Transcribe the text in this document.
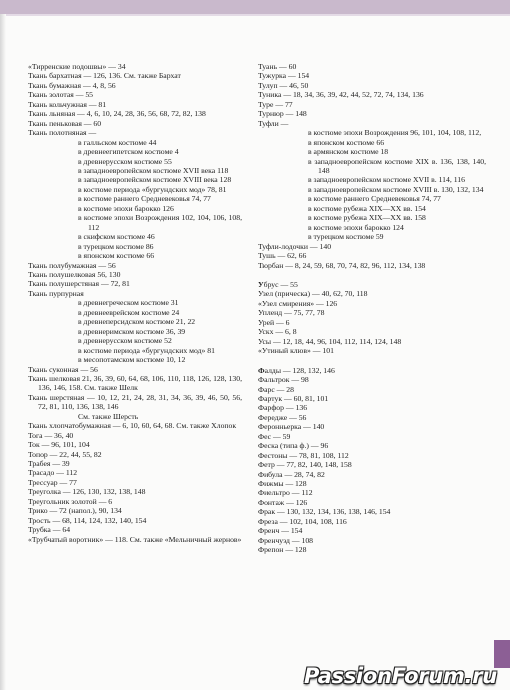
«Тирренские подошвы» — 34
Ткань бархатная — 126, 136. См. также Бархат
Ткань бумажная — 4, 8, 56
Ткань золотая — 55
Ткань кольчужная — 81
Ткань льняная — 4, 6, 10, 24, 28, 36, 56, 68, 72, 82, 138
Ткань пеньковая — 60
Ткань полотняная —
в галльском костюме 44
в древнеегипетском костюме 4
в древнерусском костюме 55
в западноевропейском костюме XVII века 118
в западноевропейском костюме XVIII века 128
в костюме периода «бургундских мод» 78, 81
в костюме раннего Средневековья 74, 77
в костюме эпохи барокко 126
в костюме эпохи Возрождения 102, 104, 106, 108, 112
в скифском костюме 46
в турецком костюме 86
в японском костюме 66
Ткань полубумажная — 56
Ткань полушелковая 56, 130
Ткань полушерстяная — 72, 81
Ткань пурпурная
в древнегреческом костюме 31
в древнееврейском костюме 24
в древнеперсидском костюме 21, 22
в древнеримском костюме 36, 39
в древнерусском костюме 52
в костюме периода «бургундских мод» 81
в месопотамском костюме 10, 12
Ткань суконная — 56
Ткань шелковая 21, 36, 39, 60, 64, 68, 106, 110, 118, 126, 128, 130, 136, 146, 158. См. также Шелк
Ткань шерстяная — 10, 12, 21, 24, 28, 31, 34, 36, 39, 46, 50, 56, 72, 81, 110, 136, 138, 146
См. также Шерсть
Ткань хлопчатобумажная — 6, 10, 60, 64, 68. См. также Хлопок
Тога — 36, 40
Ток — 96, 101, 104
Топор — 22, 44, 55, 82
Трабея — 39
Трасадо — 112
Трессуар — 77
Треуголка — 126, 130, 132, 138, 148
Треугольник золотой — 6
Трико — 72 (напол.), 90, 134
Трость — 68, 114, 124, 132, 140, 154
Трубка — 64
«Трубчатый воротник» — 118. См. также «Мельничный жернов»
Туань — 60
Тужурка — 154
Тулуп — 46, 50
Туника — 18, 34, 36, 39, 42, 44, 52, 72, 74, 134, 136
Туре — 77
Турнюр — 148
Туфли —
в костюме эпохи Возрождения 96, 101, 104, 108, 112,
в японском костюме 66
в армянском костюме 18
в западноевропейском костюме XIX в. 136, 138, 140, 148
в западноевропейском костюме XVII в. 114, 116
в западноевропейском костюме XVIII в. 130, 132, 134
в костюме раннего Средневековья 74, 77
в костюме рубежа XIX—XX вв. 154
в костюме рубежа XIX—XX вв. 158
в костюме эпохи барокко 124
в турецком костюме 59
Туфли-лодочки — 140
Тушь — 62, 66
Тюрбан — 8, 24, 59, 68, 70, 74, 82, 96, 112, 134, 138
Убрус — 55
Узел (прическа) — 40, 62, 70, 118
«Узел смирения» — 126
Упленд — 75, 77, 78
Урей — 6
Ускх — 6, 8
Усы — 12, 18, 44, 96, 104, 112, 114, 124, 148
«Утиный клюв» — 101
Фалды — 128, 132, 146
Фальтрок — 98
Фарс — 28
Фартук — 60, 81, 101
Фарфор — 136
Фередже — 56
Феронньерка — 140
Фес — 59
Феска (типа ф.) — 96
Фестоны — 78, 81, 108, 112
Фетр — 77, 82, 140, 148, 158
Фибула — 28, 74, 82
Фижмы — 128
Фиельтро — 112
Фонтаж — 126
Фрак — 130, 132, 134, 136, 138, 146, 154
Фреза — 102, 104, 108, 116
Френч — 154
Френчуэд — 108
Фрепон — 128
PassionForum.ru
